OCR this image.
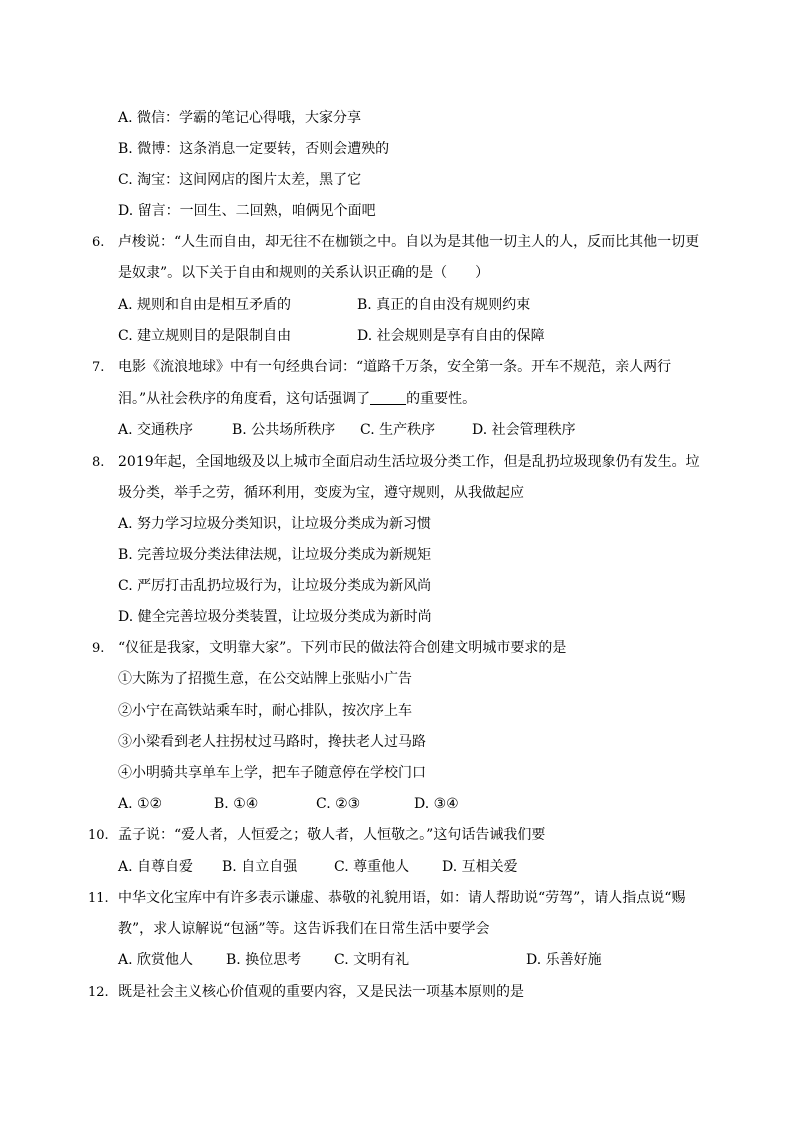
A. 微信：学霸的笔记心得哦，大家分享
B. 微博：这条消息一定要转，否则会遭殃的
C. 淘宝：这间网店的图片太差，黑了它
D. 留言：一回生、二回熟，咱俩见个面吧
6. 卢梭说：“人生而自由，却无往不在枷锁之中。自以为是其他一切主人的人，反而比其他一切更
是奴隶”。以下关于自由和规则的关系认识正确的是（　　）
A. 规则和自由是相互矛盾的	B. 真正的自由没有规则约束
C. 建立规则目的是限制自由	D. 社会规则是享有自由的保障
7. 电影《流浪地球》中有一句经典台词：“道路千万条，安全第一条。开车不规范，亲人两行
泪。”从社会秩序的角度看，这句话强调了	的重要性。
A. 交通秩序	B. 公共场所秩序 C. 生产秩序	D. 社会管理秩序
8. 2019年起，全国地级及以上城市全面启动生活垃圾分类工作，但是乱扔垃圾现象仍有发生。垃
圾分类，举手之劳，循环利用，变废为宝，遵守规则，从我做起应
A. 努力学习垃圾分类知识，让垃圾分类成为新习惯
B. 完善垃圾分类法律法规，让垃圾分类成为新规矩
C. 严厉打击乱扔垃圾行为，让垃圾分类成为新风尚
D. 健全完善垃圾分类装置，让垃圾分类成为新时尚
9. “仪征是我家，文明靠大家”。下列市民的做法符合创建文明城市要求的是
①大陈为了招揽生意，在公交站牌上张贴小广告
②小宁在高铁站乘车时，耐心排队，按次序上车
③小梁看到老人拄拐杖过马路时，搀扶老人过马路
④小明骑共享单车上学，把车子随意停在学校门口
A. ①②	B. ①④	C. ②③	D. ③④
10. 孟子说：“爱人者，人恒爱之；敬人者，人恒敬之。”这句话告诫我们要
A. 自尊自爱 B. 自立自强	C. 尊重他人 D. 互相关爱
11. 中华文化宝库中有许多表示谦虚、恭敬的礼貌用语，如：请人帮助说“劳驾”，请人指点说“赐
教”，求人谅解说“包涵”等。这告诉我们在日常生活中要学会
A. 欣赏他人 B. 换位思考 C. 文明有礼	D. 乐善好施
12. 既是社会主义核心价值观的重要内容，又是民法一项基本原则的是
